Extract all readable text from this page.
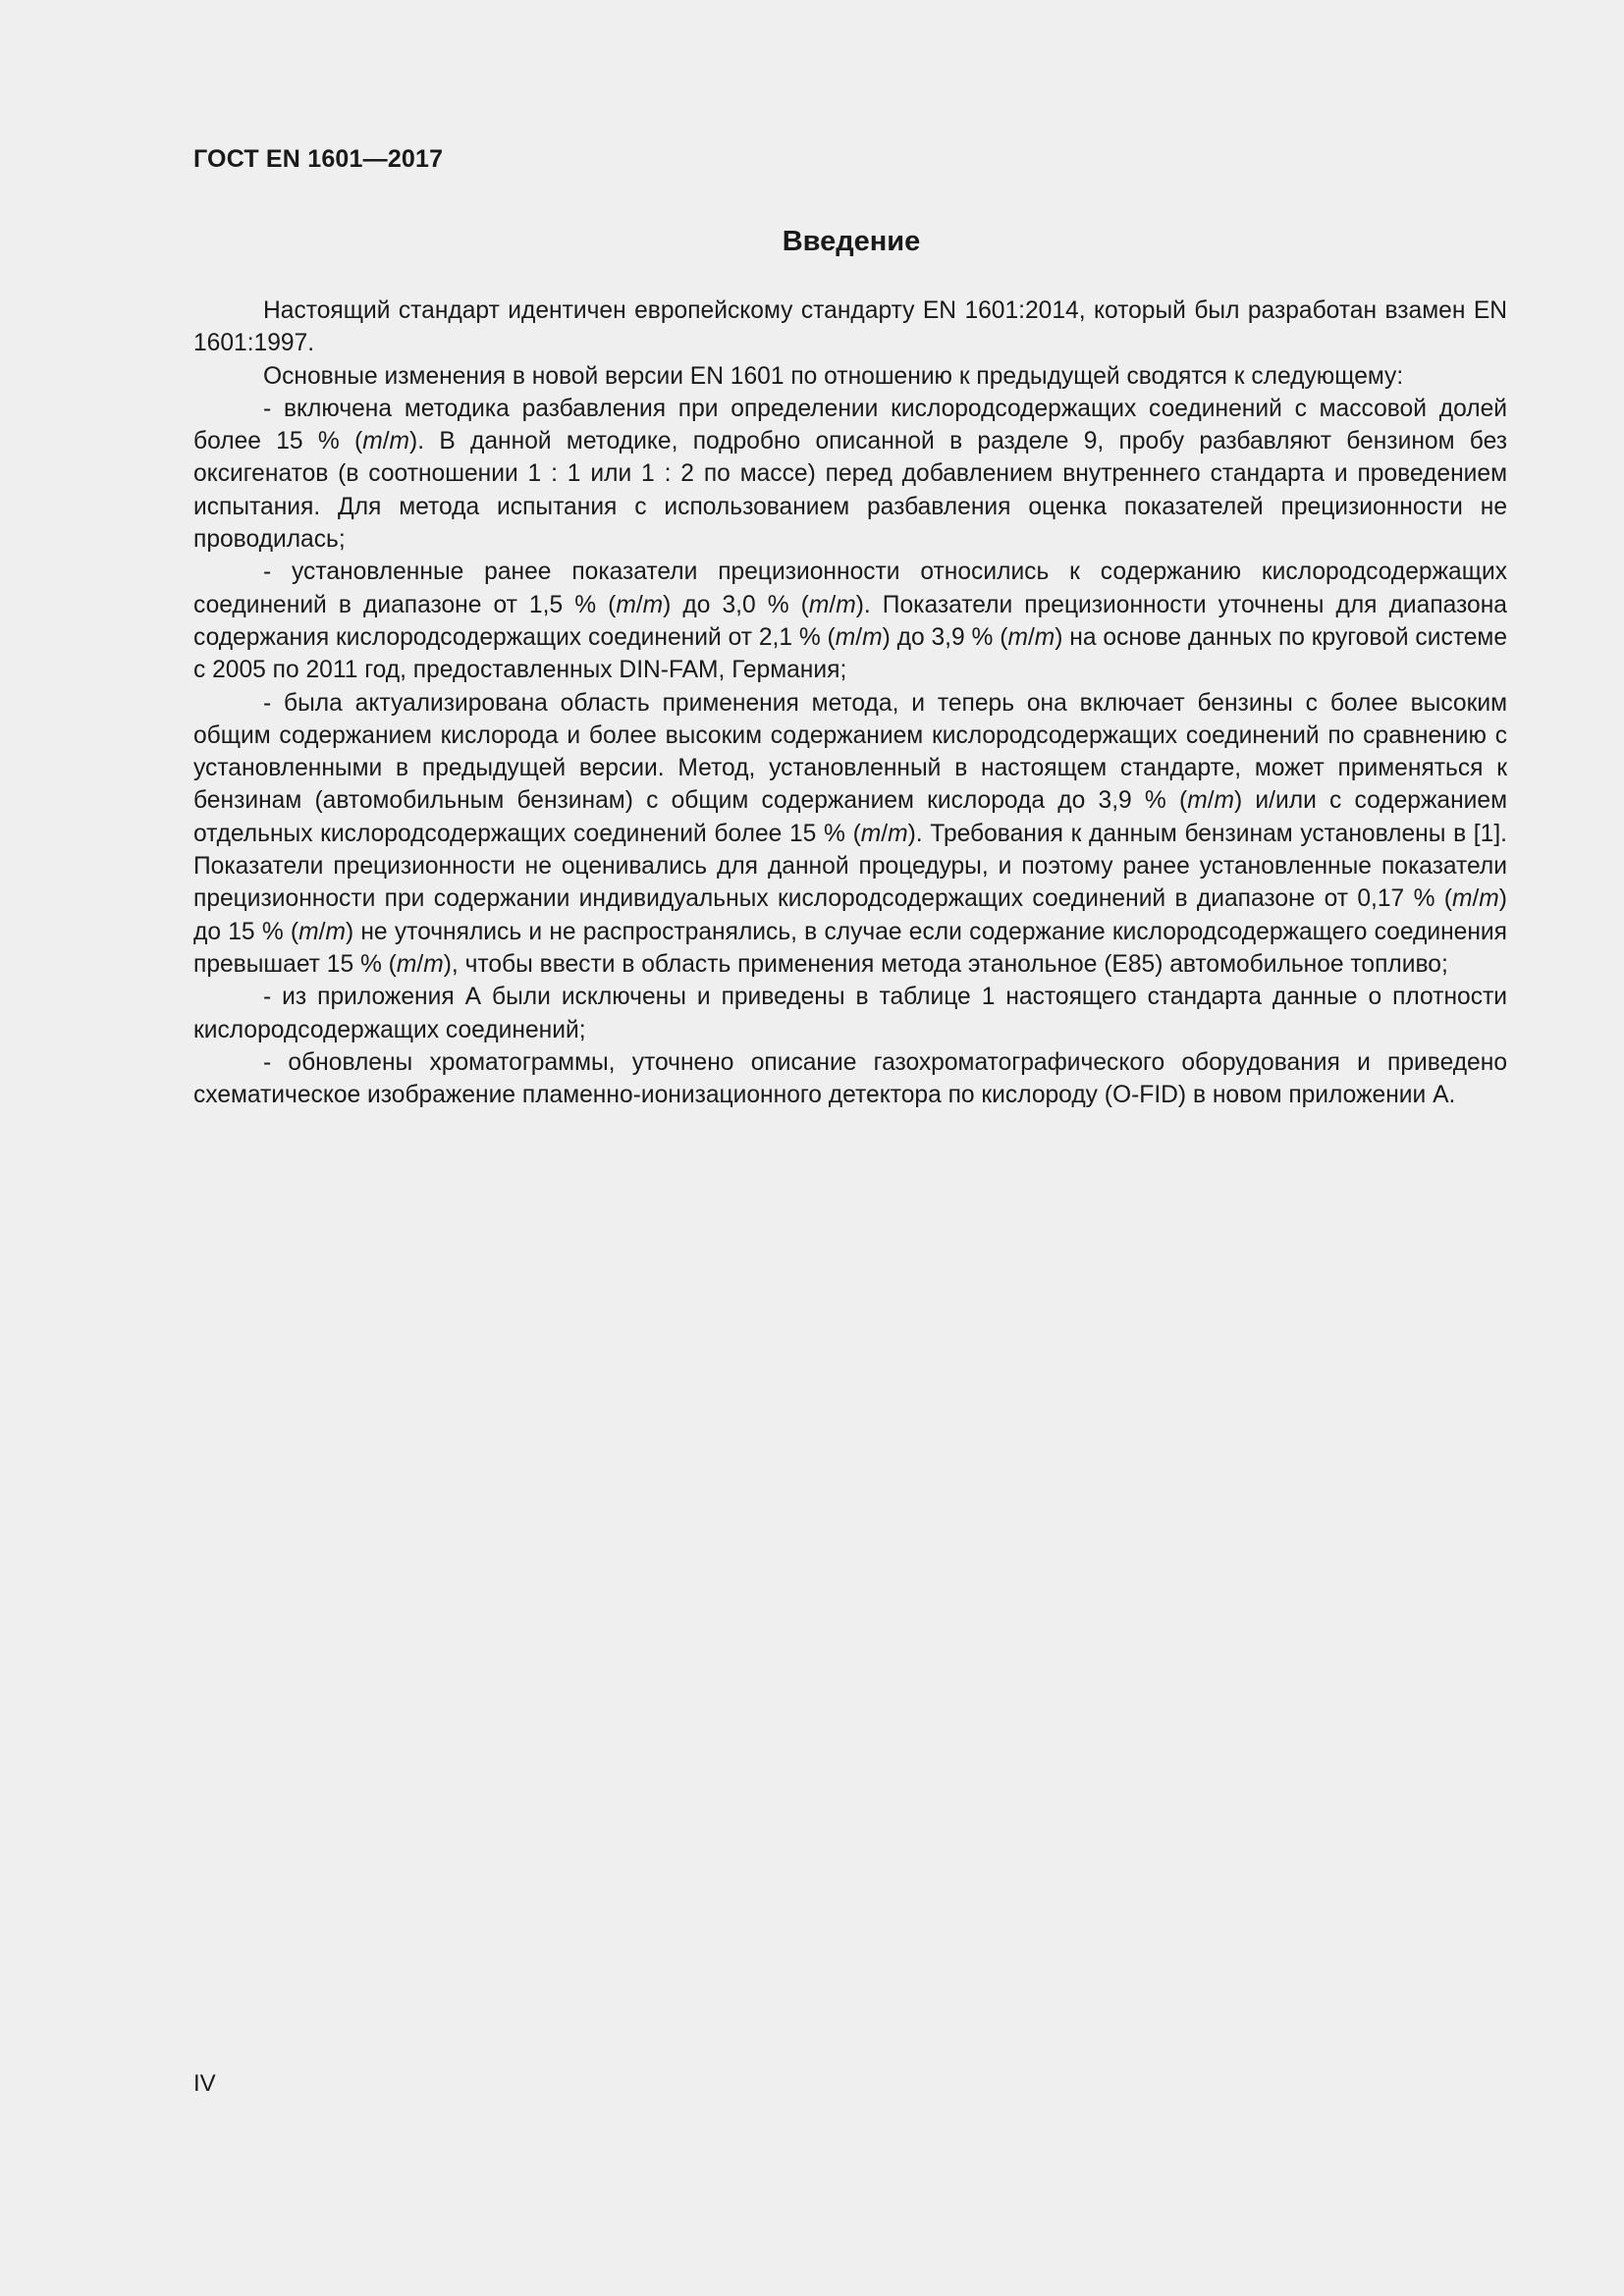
ГОСТ EN 1601—2017
Введение

Настоящий стандарт идентичен европейскому стандарту EN 1601:2014, который был разработан взамен EN 1601:1997.

Основные изменения в новой версии EN 1601 по отношению к предыдущей сводятся к следующему:

- включена методика разбавления при определении кислородсодержащих соединений с массовой долей более 15 % (m/m). В данной методике, подробно описанной в разделе 9, пробу разбавляют бензином без оксигенатов (в соотношении 1 : 1 или 1 : 2 по массе) перед добавлением внутреннего стандарта и проведением испытания. Для метода испытания с использованием разбавления оценка показателей прецизионности не проводилась;

- установленные ранее показатели прецизионности относились к содержанию кислородсодержащих соединений в диапазоне от 1,5 % (m/m) до 3,0 % (m/m). Показатели прецизионности уточнены для диапазона содержания кислородсодержащих соединений от 2,1 % (m/m) до 3,9 % (m/m) на основе данных по круговой системе с 2005 по 2011 год, предоставленных DIN-FAM, Германия;

- была актуализирована область применения метода, и теперь она включает бензины с более высоким общим содержанием кислорода и более высоким содержанием кислородсодержащих соединений по сравнению с установленными в предыдущей версии. Метод, установленный в настоящем стандарте, может применяться к бензинам (автомобильным бензинам) с общим содержанием кислорода до 3,9 % (m/m) и/или с содержанием отдельных кислородсодержащих соединений более 15 % (m/m). Требования к данным бензинам установлены в [1]. Показатели прецизионности не оценивались для данной процедуры, и поэтому ранее установленные показатели прецизионности при содержании индивидуальных кислородсодержащих соединений в диапазоне от 0,17 % (m/m) до 15 % (m/m) не уточнялись и не распространялись, в случае если содержание кислородсодержащего соединения превышает 15 % (m/m), чтобы ввести в область применения метода этанольное (E85) автомобильное топливо;

- из приложения А были исключены и приведены в таблице 1 настоящего стандарта данные о плотности кислородсодержащих соединений;

- обновлены хроматограммы, уточнено описание газохроматографического оборудования и приведено схематическое изображение пламенно-ионизационного детектора по кислороду (O-FID) в новом приложении А.

IV
